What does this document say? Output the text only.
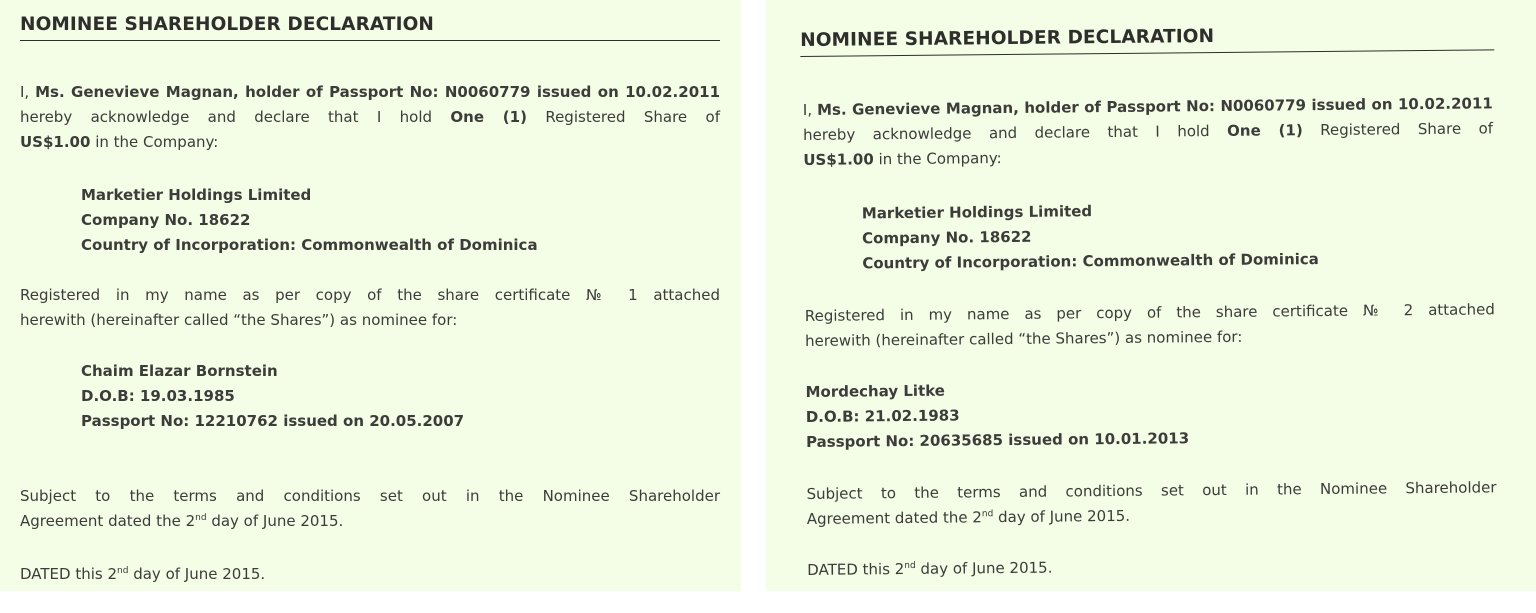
NOMINEE SHAREHOLDER DECLARATION
I, Ms. Genevieve Magnan, holder of Passport No: N0060779 issued on 10.02.2011
hereby acknowledge and declare that I hold One (1) Registered Share of
US$1.00 in the Company:
Marketier Holdings Limited
Company No. 18622
Country of Incorporation: Commonwealth of Dominica
Registered in my name as per copy of the share certificate № 1 attached
herewith (hereinafter called “the Shares”) as nominee for:
Chaim Elazar Bornstein
D.O.B: 19.03.1985
Passport No: 12210762 issued on 20.05.2007
Subject to the terms and conditions set out in the Nominee Shareholder
Agreement dated the 2nd day of June 2015.
DATED this 2nd day of June 2015.
NOMINEE SHAREHOLDER DECLARATION
I, Ms. Genevieve Magnan, holder of Passport No: N0060779 issued on 10.02.2011
hereby acknowledge and declare that I hold One (1) Registered Share of
US$1.00 in the Company:
Marketier Holdings Limited
Company No. 18622
Country of Incorporation: Commonwealth of Dominica
Registered in my name as per copy of the share certificate № 2 attached
herewith (hereinafter called “the Shares”) as nominee for:
Mordechay Litke
D.O.B: 21.02.1983
Passport No: 20635685 issued on 10.01.2013
Subject to the terms and conditions set out in the Nominee Shareholder
Agreement dated the 2nd day of June 2015.
DATED this 2nd day of June 2015.
